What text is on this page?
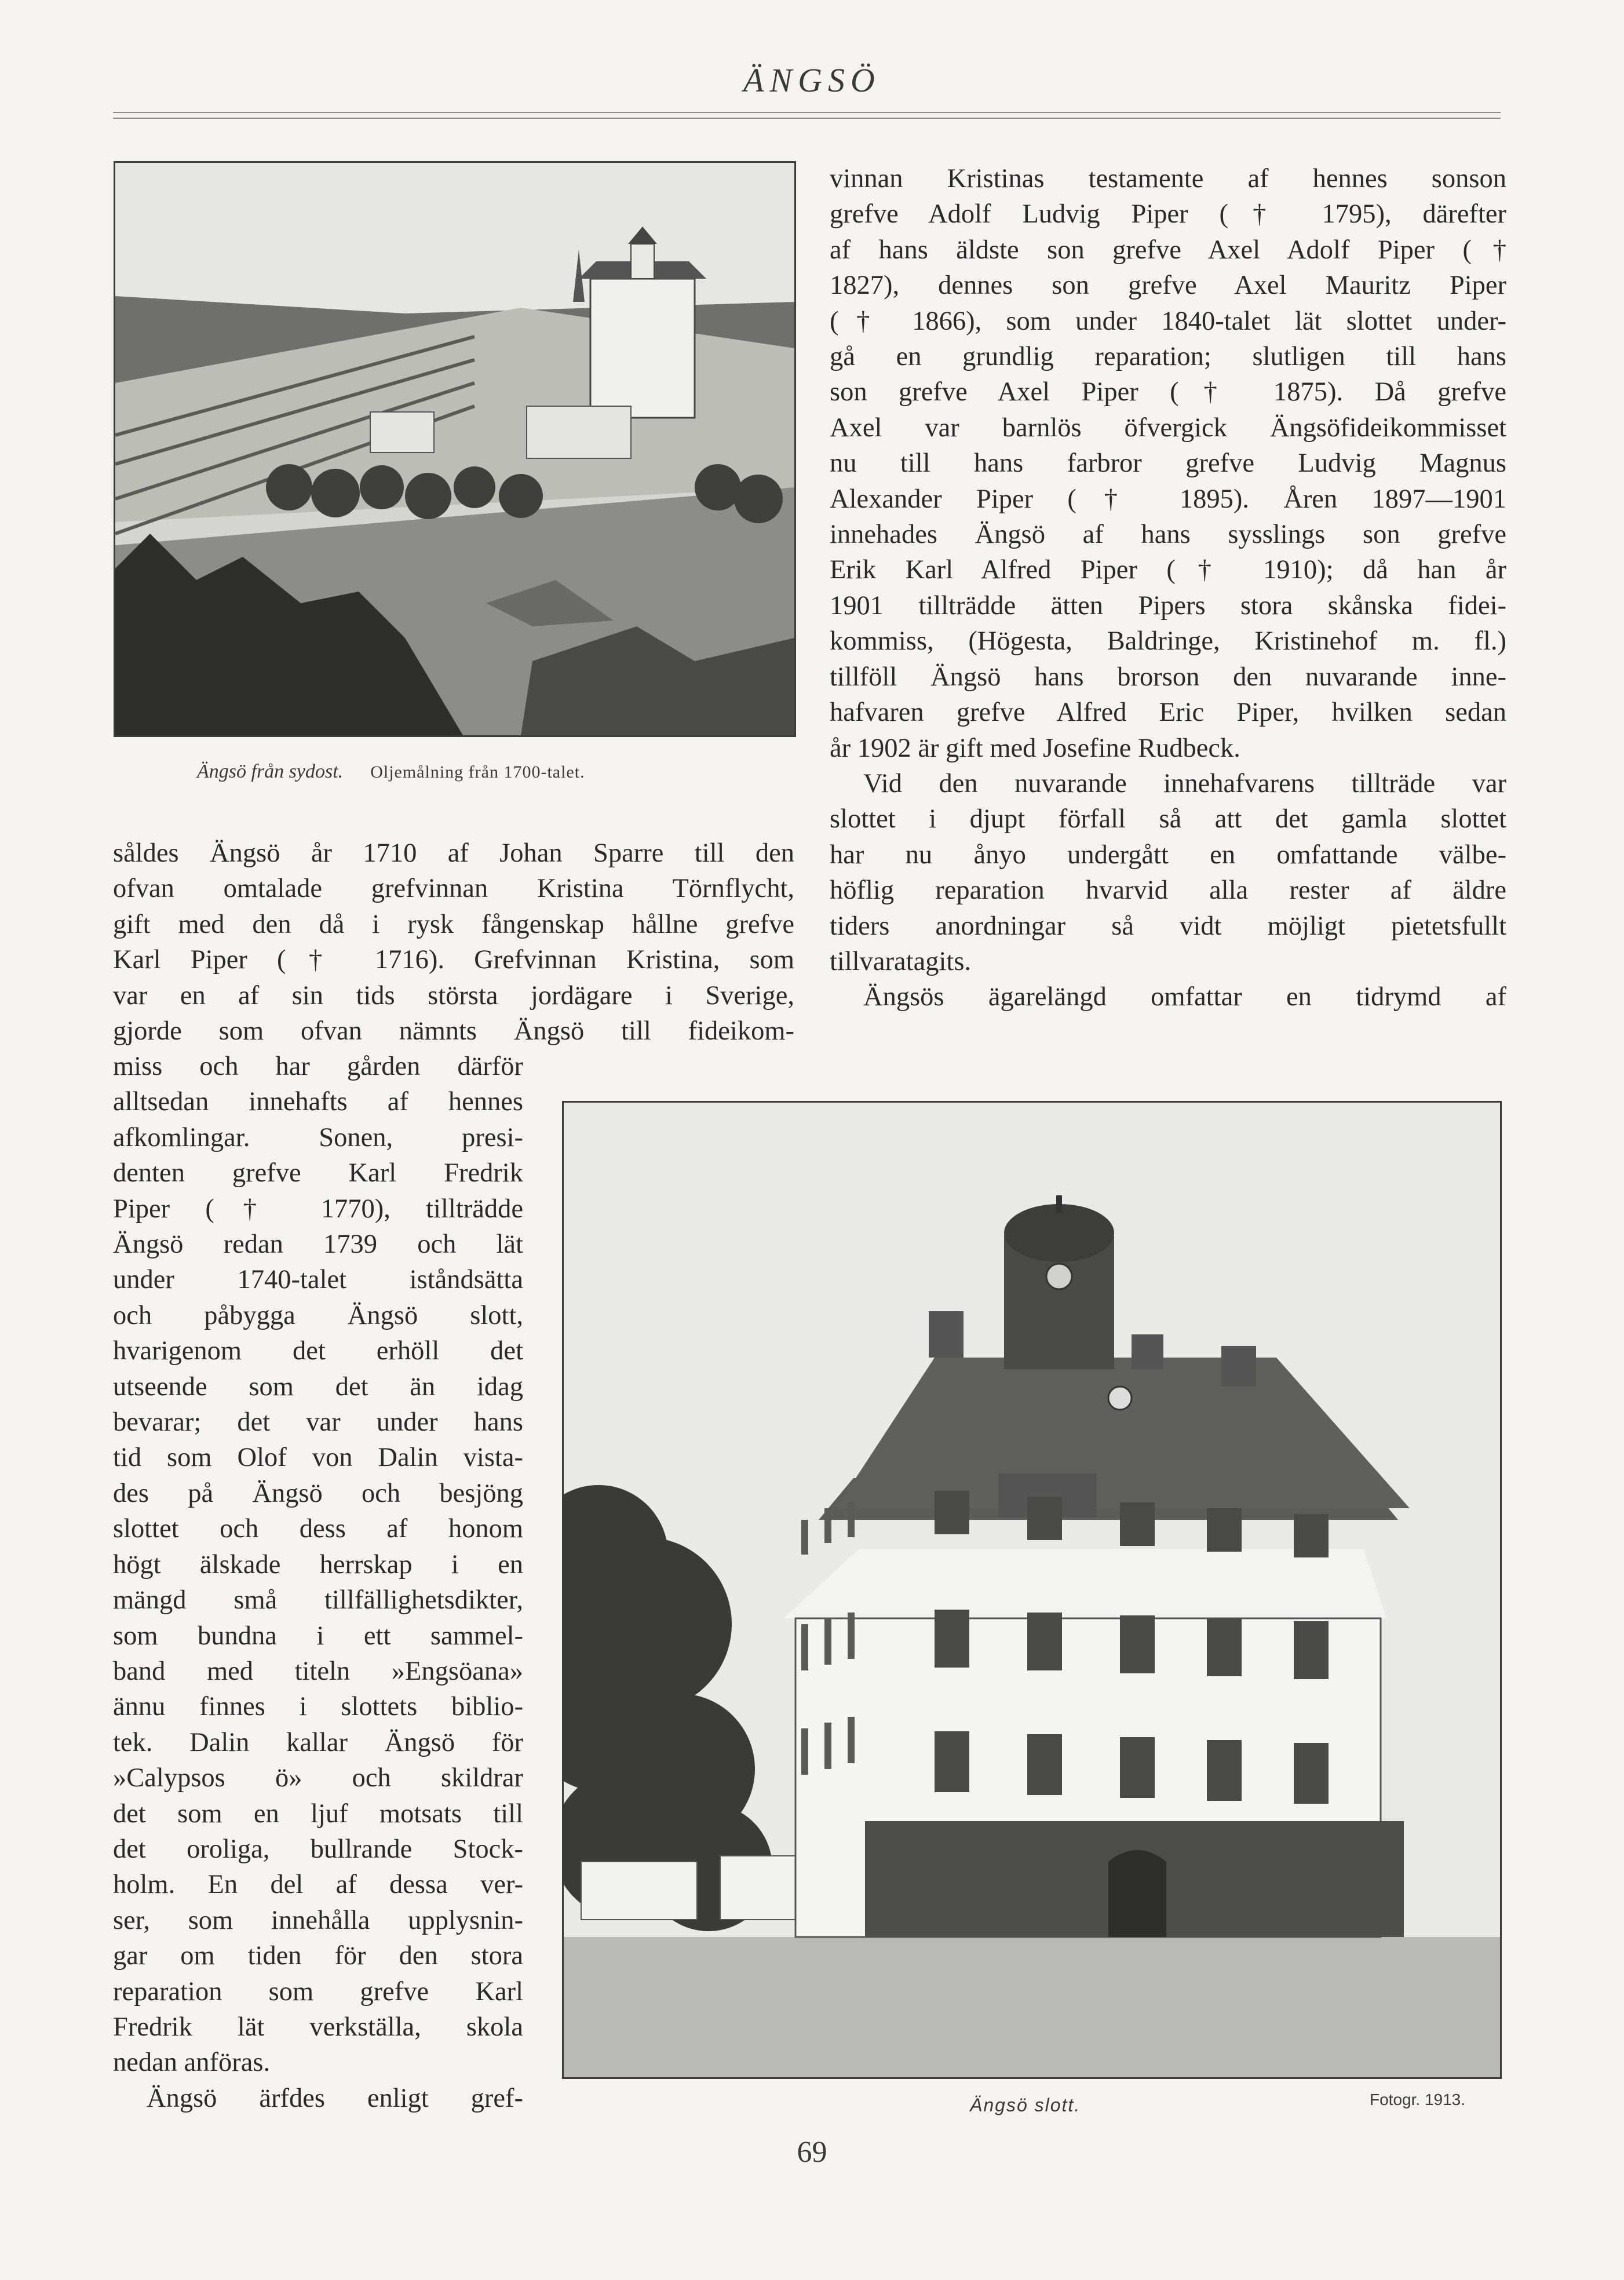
ÄNGSÖ
Ängsö från sydost. Oljemålning från 1700-talet.

såldes Ängsö år 1710 af Johan Sparre till den

ofvan omtalade grefvinnan Kristina Törnflycht,

gift med den då i rysk fångenskap hållne grefve

Karl Piper († 1716). Grefvinnan Kristina, som

var en af sin tids största jordägare i Sverige,

gjorde som ofvan nämnts Ängsö till fideikom-

miss och har gården därför

alltsedan innehafts af hennes

afkomlingar. Sonen, presi-

denten grefve Karl Fredrik

Piper († 1770), tillträdde

Ängsö redan 1739 och lät

under 1740-talet iståndsätta

och påbygga Ängsö slott,

hvarigenom det erhöll det

utseende som det än idag

bevarar; det var under hans

tid som Olof von Dalin vista-

des på Ängsö och besjöng

slottet och dess af honom

högt älskade herrskap i en

mängd små tillfällighetsdikter,

som bundna i ett sammel-

band med titeln »Engsöana»

ännu finnes i slottets biblio-

tek. Dalin kallar Ängsö för

»Calypsos ö» och skildrar

det som en ljuf motsats till

det oroliga, bullrande Stock-

holm. En del af dessa ver-

ser, som innehålla upplysnin-

gar om tiden för den stora

reparation som grefve Karl

Fredrik lät verkställa, skola

nedan anföras.

Ängsö ärfdes enligt gref-

vinnan Kristinas testamente af hennes sonson

grefve Adolf Ludvig Piper († 1795), därefter

af hans äldste son grefve Axel Adolf Piper (†

1827), dennes son grefve Axel Mauritz Piper

(† 1866), som under 1840-talet lät slottet under-

gå en grundlig reparation; slutligen till hans

son grefve Axel Piper († 1875). Då grefve

Axel var barnlös öfvergick Ängsöfideikommisset

nu till hans farbror grefve Ludvig Magnus

Alexander Piper († 1895). Åren 1897—1901

innehades Ängsö af hans sysslings son grefve

Erik Karl Alfred Piper († 1910); då han år

1901 tillträdde ätten Pipers stora skånska fidei-

kommiss, (Högesta, Baldringe, Kristinehof m. fl.)

tillföll Ängsö hans brorson den nuvarande inne-

hafvaren grefve Alfred Eric Piper, hvilken sedan

år 1902 är gift med Josefine Rudbeck.

Vid den nuvarande innehafvarens tillträde var

slottet i djupt förfall så att det gamla slottet

har nu ånyo undergått en omfattande välbe-

höflig reparation hvarvid alla rester af äldre

tiders anordningar så vidt möjligt pietetsfullt

tillvaratagits.

Ängsös ägarelängd omfattar en tidrymd af

Ängsö slott.	Fotogr. 1913.
69
